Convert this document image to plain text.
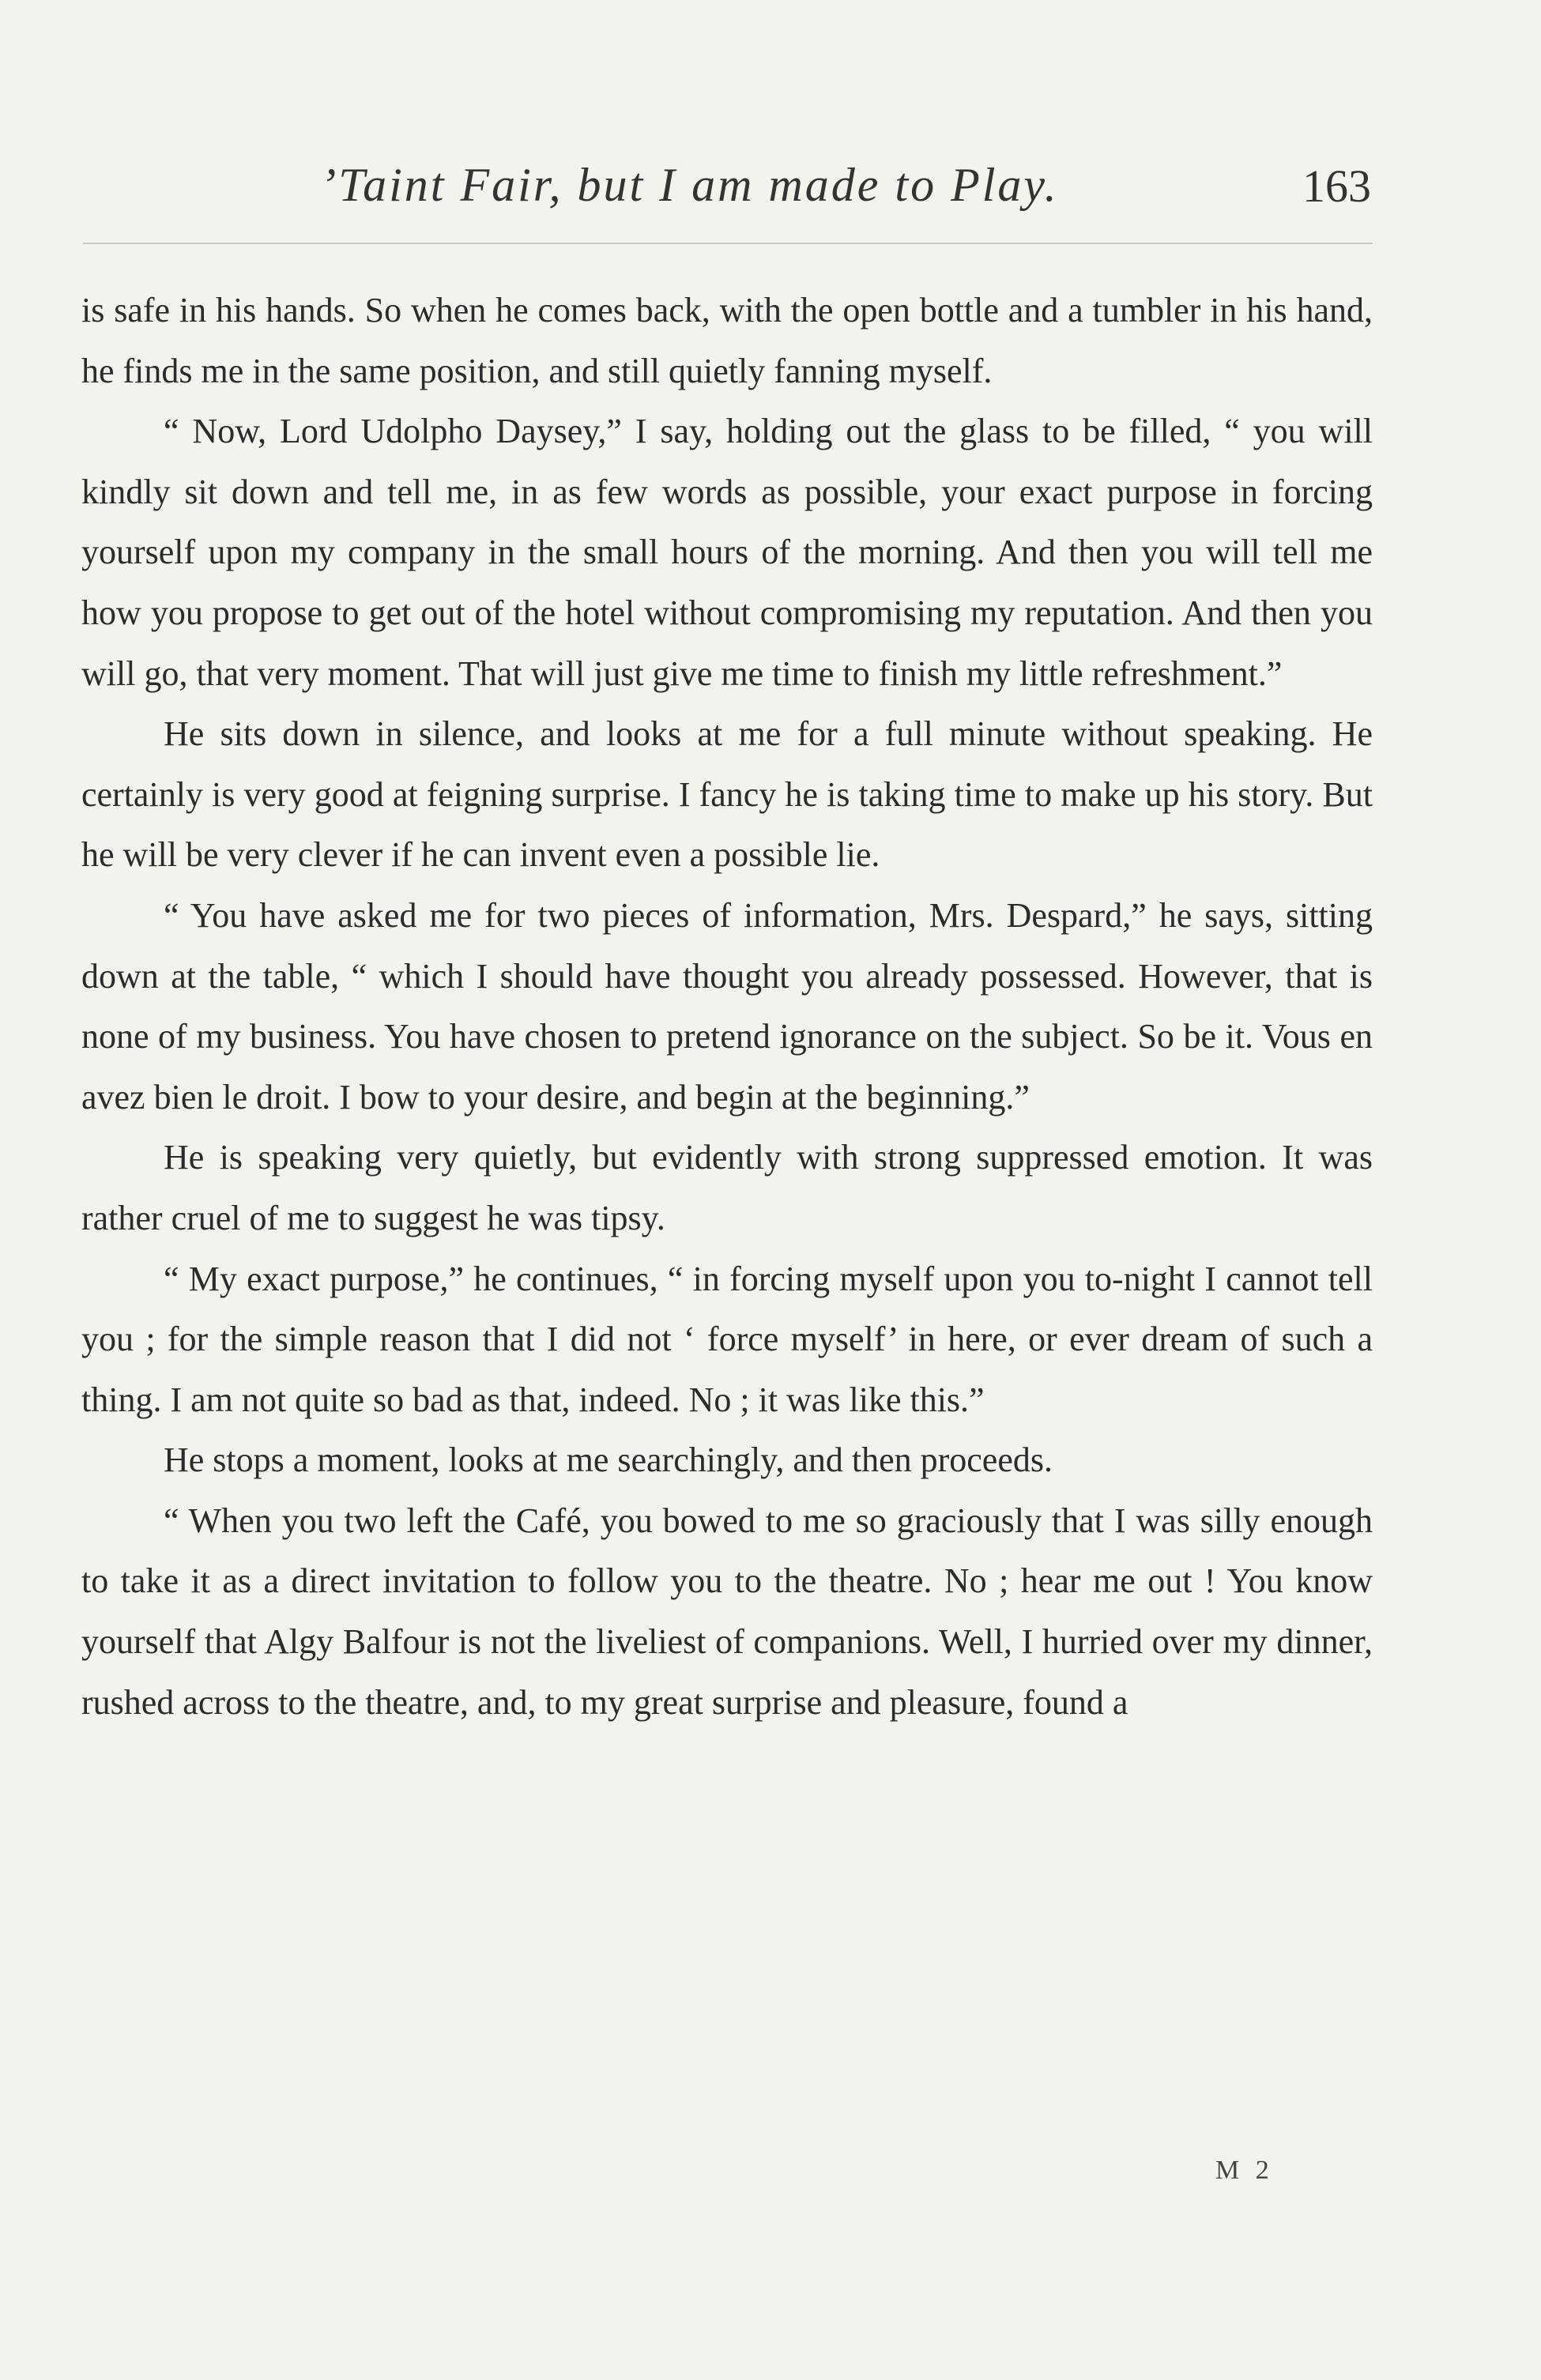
’Taint Fair, but I am made to Play.	163

is safe in his hands. So when he comes back, with the open bottle and a tumbler in his hand, he finds me in the same position, and still quietly fanning myself.

“ Now, Lord Udolpho Daysey,” I say, holding out the glass to be filled, “ you will kindly sit down and tell me, in as few words as possible, your exact purpose in forcing yourself upon my company in the small hours of the morning. And then you will tell me how you propose to get out of the hotel without compromising my reputation. And then you will go, that very moment. That will just give me time to finish my little refreshment.”

He sits down in silence, and looks at me for a full minute without speaking. He certainly is very good at feigning surprise. I fancy he is taking time to make up his story. But he will be very clever if he can invent even a possible lie.

“ You have asked me for two pieces of information, Mrs. Despard,” he says, sitting down at the table, “ which I should have thought you already possessed. However, that is none of my business. You have chosen to pretend ignorance on the subject. So be it. Vous en avez bien le droit. I bow to your desire, and begin at the beginning.”

He is speaking very quietly, but evidently with strong suppressed emotion. It was rather cruel of me to suggest he was tipsy.

“ My exact purpose,” he continues, “ in forcing myself upon you to-night I cannot tell you ; for the simple reason that I did not ‘ force myself’ in here, or ever dream of such a thing. I am not quite so bad as that, indeed. No ; it was like this.”

He stops a moment, looks at me searchingly, and then proceeds.

“ When you two left the Café, you bowed to me so graciously that I was silly enough to take it as a direct invitation to follow you to the theatre. No ; hear me out ! You know yourself that Algy Balfour is not the liveliest of companions. Well, I hurried over my dinner, rushed across to the theatre, and, to my great surprise and pleasure, found a

M 2
